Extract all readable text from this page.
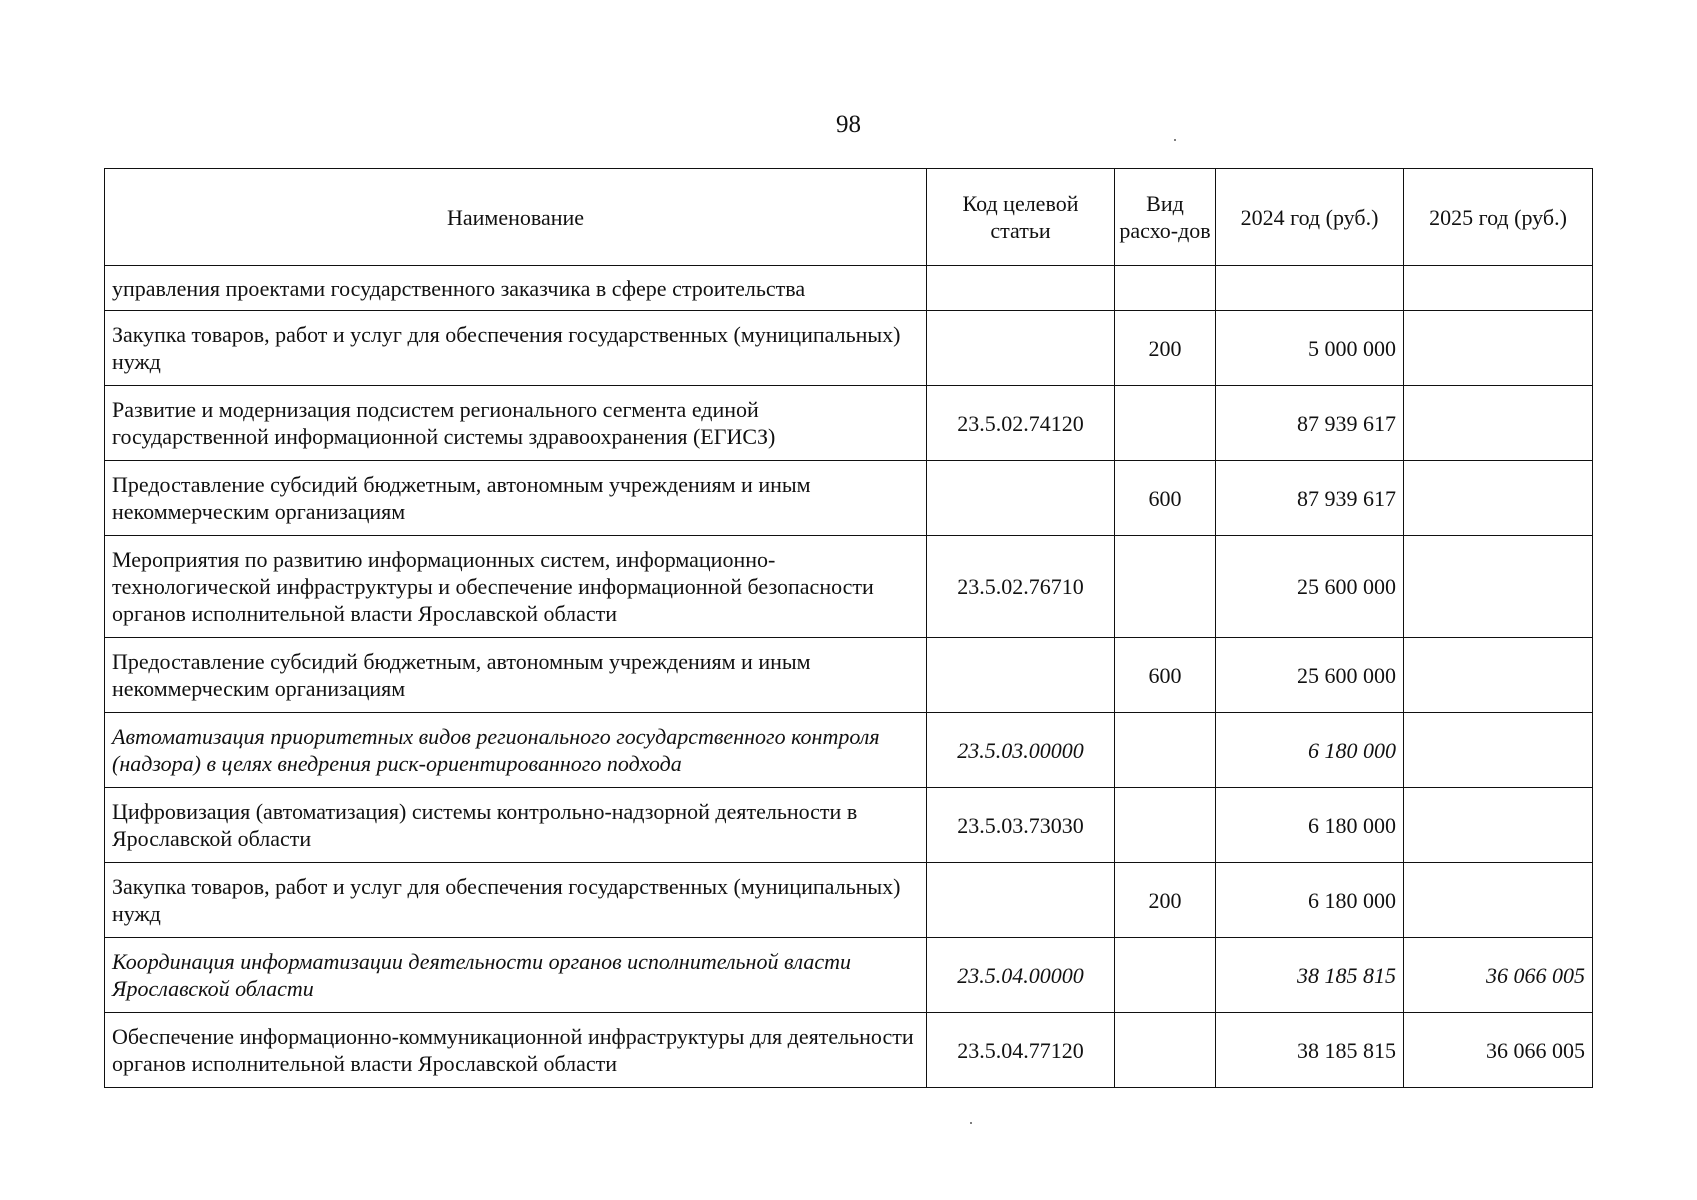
98
Наименование	Код целевой статьи	Вид расхо-дов	2024 год (руб.)	2025 год (руб.)
управления проектами государственного заказчика в сфере строительства				
Закупка товаров, работ и услуг для обеспечения государственных (муниципальных) нужд		200	5 000 000	
Развитие и модернизация подсистем регионального сегмента единой государственной информационной системы здравоохранения (ЕГИСЗ)	23.5.02.74120		87 939 617	
Предоставление субсидий бюджетным, автономным учреждениям и иным некоммерческим организациям		600	87 939 617	
Мероприятия по развитию информационных систем, информационно-технологической инфраструктуры и обеспечение информационной безопасности органов исполнительной власти Ярославской области	23.5.02.76710		25 600 000	
Предоставление субсидий бюджетным, автономным учреждениям и иным некоммерческим организациям		600	25 600 000	
Автоматизация приоритетных видов регионального государственного контроля (надзора) в целях внедрения риск-ориентированного подхода	23.5.03.00000		6 180 000	
Цифровизация (автоматизация) системы контрольно-надзорной деятельности в Ярославской области	23.5.03.73030		6 180 000	
Закупка товаров, работ и услуг для обеспечения государственных (муниципальных) нужд		200	6 180 000	
Координация информатизации деятельности органов исполнительной власти Ярославской области	23.5.04.00000		38 185 815	36 066 005
Обеспечение информационно-коммуникационной инфраструктуры для деятельности органов исполнительной власти Ярославской области	23.5.04.77120		38 185 815	36 066 005
